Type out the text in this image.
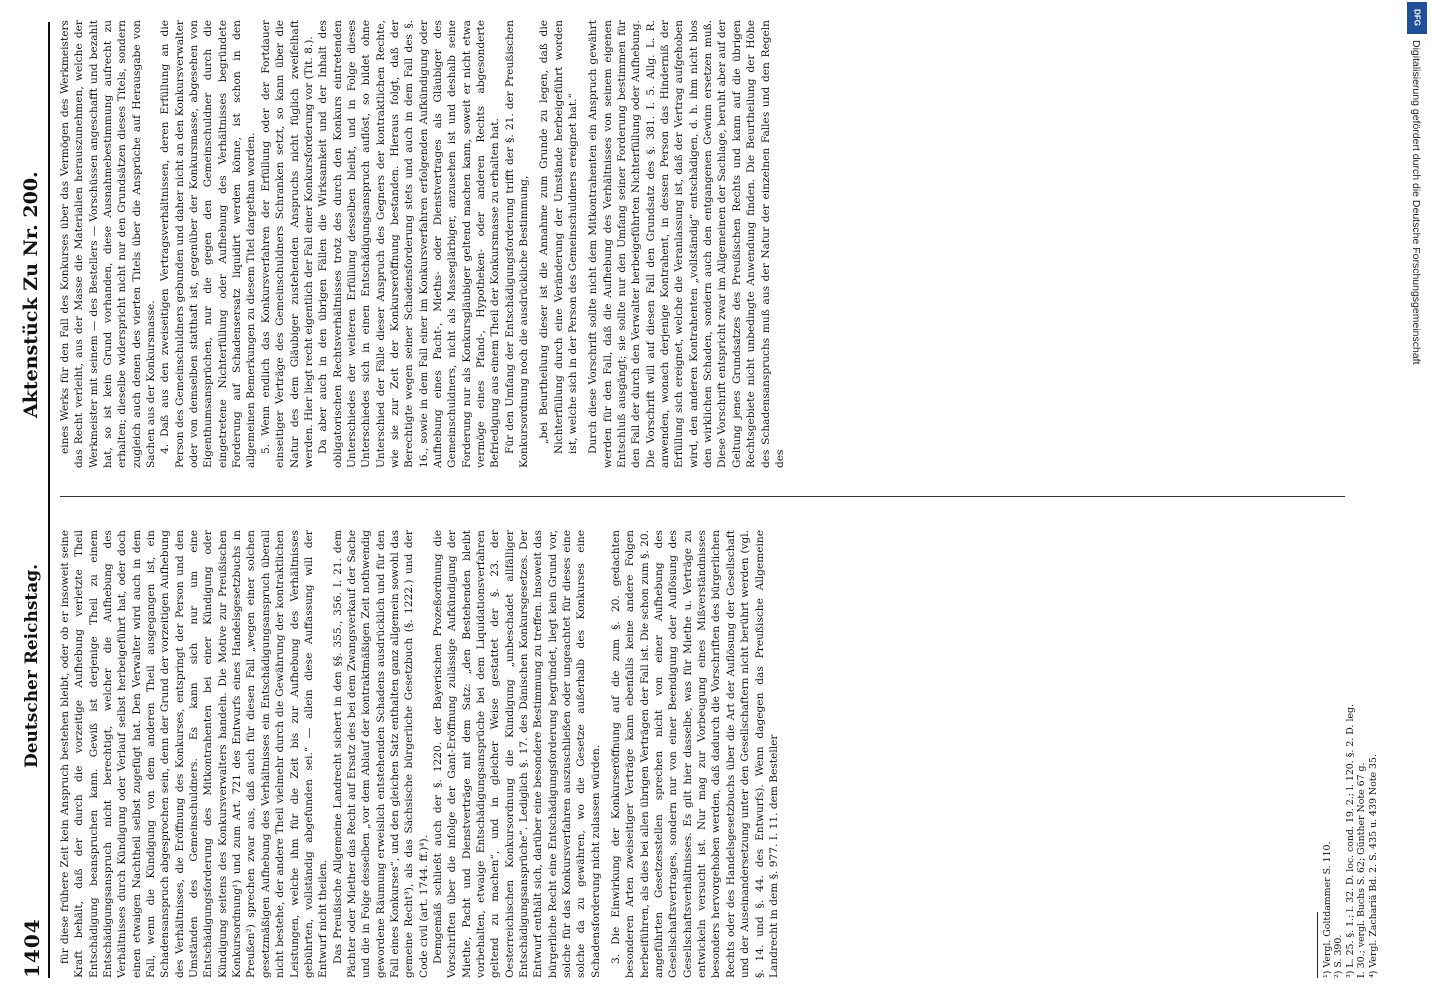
1404
Deutscher Reichstag.
Aktenstück Zu Nr. 200.

für diese frühere Zeit kein Anspruch bestehen bleibt, oder ob er insoweit seine Kraft behält, daß der durch die vorzeitige Aufhebung verletzte Theil Entschädigung beanspruchen kann. Gewiß ist derjenige Theil zu einem Entschädigungsanspruch nicht berechtigt, welcher die Aufhebung des Verhältnisses durch Kündigung oder Verlauf selbst herbeigeführt hat, oder doch einen etwaigen Nachtheil selbst zugefügt hat. Den Verwalter wird auch in dem Fall, wenn die Kündigung von dem anderen Theil ausgegangen ist, ein Schadensanspruch abgesprochen sein, denn der Grund der vorzeitigen Aufhebung des Verhältnisses, die Eröffnung des Konkurses, entspringt der Person und den Umständen des Gemeinschuldners. Es kann sich nur um eine Entschädigungsforderung des Mitkontrahenten bei einer Kündigung oder Kündigung seitens des Konkursverwalters handeln. Die Motive zur Preußischen Konkursordnung¹) und zum Art. 721 des Entwurfs eines Handelsgesetzbuchs in Preußen²) sprechen zwar aus, daß auch für diesen Fall „wegen einer solchen gesetzmäßigen Aufhebung des Verhältnisses ein Entschädigungsanspruch überall nicht bestehe, der andere Theil vielmehr durch die Gewährung der kontraktlichen Leistungen, welche ihm für die Zeit bis zur Aufhebung des Verhältnisses gebührten, vollständig abgefunden sei.“ — allein diese Auffassung will der Entwurf nicht theilen. Das Preußische Allgemeine Landrecht sichert in den §§. 355., 356. I. 21. dem Pächter oder Miether das Recht auf Ersatz des bei dem Zwangsverkauf der Sache und die in Folge desselben „vor dem Ablauf der kontraktmäßigen Zeit nothwendig gewordene Räumung erweislich entstehenden Schadens ausdrücklich und für den Fall eines Konkurses“, und den gleichen Satz enthalten ganz allgemein sowohl das gemeine Recht³), als das Sächsische bürgerliche Gesetzbuch (§. 1222.) und der Code civil (art. 1744. ff.)⁴). Demgemäß schließt auch der §. 1220. der Bayerischen Prozeßordnung die Vorschriften über die infolge der Gant-Eröffnung zulässige Aufkündigung der Miethe, Pacht und Dienstverträge mit dem Satz: „den Bestehenden bleibt vorbehalten, etwaige Entschädigungsansprüche bei dem Liquidationsverfahren geltend zu machen“, und in gleicher Weise gestattet der §. 23. der Oesterreichischen Konkursordnung die Kündigung „unbeschadet allfälliger Entschädigungsansprüche“. Lediglich §. 17. des Dänischen Konkursgesetzes. Der Entwurf enthält sich, darüber eine besondere Bestimmung zu treffen. Insoweit das bürgerliche Recht eine Entschädigungsforderung begründet, liegt kein Grund vor, solche für das Konkursverfahren auszuschließen oder ungeachtet für dieses eine solche da zu gewähren, wo die Gesetze außerhalb des Konkurses eine Schadensforderung nicht zulassen würden. 3. Die Einwirkung der Konkurseröffnung auf die zum §. 20. gedachten besonderen Arten zweiseitiger Verträge kann ebenfalls keine andere Folgen herbeiführen, als dies bei allen übrigen Verträgen der Fall ist. Die schon zum §. 20. angeführten Gesetzesstellen sprechen nicht von einer Aufhebung des Gesellschaftsvertrages, sondern nur von einer Beendigung oder Auflösung des Gesellschaftsverhältnisses. Es gilt hier dasselbe, was für Miethe u. Verträge zu entwickeln versucht ist. Nur mag zur Vorbeugung eines Mißverständnisses besonders hervorgehoben werden, daß dadurch die Vorschriften des bürgerlichen Rechts oder des Handelsgesetzbuchs über die Art der Auflösung der Gesellschaft und der Auseinandersetzung unter den Gesellschaftern nicht berührt werden (vgl. §. 14. und §. 44. des Entwurfs). Wenn dagegen das Preußische Allgemeine Landrecht in dem §. 977. I. 11. dem Besteller

eines Werks für den Fall des Konkurses über das Vermögen des Werkmeisters das Recht verleiht, aus der Masse die Materialien herauszunehmen, welche der Werkmeister mit seinem — des Bestellers — Vorschüssen angeschafft und bezahlt hat, so ist kein Grund vorhanden, diese Ausnahmebestimmung aufrecht zu erhalten; dieselbe widerspricht nicht nur den Grundsätzen dieses Titels, sondern zugleich auch denen des vierten Titels über die Ansprüche auf Herausgabe von Sachen aus der Konkursmasse. 4. Daß aus den zweiseitigen Vertragsverhältnissen, deren Erfüllung an die Person des Gemeinschuldners gebunden und daher nicht an den Konkursverwalter oder von demselben statthaft ist, gegenüber der Konkursmasse, abgesehen von Eigenthumsansprüchen, nur die gegen den Gemeinschuldner durch die eingetretene Nichterfüllung oder Aufhebung des Verhältnisses begründete Forderung auf Schadensersatz liquidirt werden könne, ist schon in den allgemeinen Bemerkungen zu diesem Titel dargethan worden. 5. Wenn endlich das Konkursverfahren der Erfüllung oder der Fortdauer einseitiger Verträge des Gemeinschuldners Schranken setzt, so kann über die Natur des dem Gläubiger zustehenden Anspruchs nicht füglich zweifelhaft werden. Hier liegt recht eigentlich der Fall einer Konkursforderung vor (Tit. 8.). Da aber auch in den übrigen Fällen die Wirksamkeit und der Inhalt des obligatorischen Rechtsverhältnisses trotz des durch den Konkurs eintretenden Unterschiedes der weiteren Erfüllung desselben bleibt, und in Folge dieses Unterschiedes sich in einen Entschädigungsanspruch auflöst, so bildet ohne Unterschied der Fälle dieser Anspruch des Gegners der kontraktlichen Rechte, wie sie zur Zeit der Konkurseröffnung bestanden. Hieraus folgt, daß der Berechtigte wegen seiner Schadensforderung stets und auch in dem Fall des §. 16., sowie in dem Fall einer im Konkursverfahren erfolgenden Aufkündigung oder Aufhebung eines Pacht-, Mieths- oder Dienstvertrages als Gläubiger des Gemeinschuldners, nicht als Masseglärbiger, anzusehen ist und deshalb seine Forderung nur als Konkursgläubiger geltend machen kann, soweit er nicht etwa vermöge eines Pfand-, Hypotheken- oder anderen Rechts abgesonderte Befriedigung aus einem Theil der Konkursmasse zu erhalten hat. Für den Umfang der Entschädigungsforderung trifft der §. 21. der Preußischen Konkursordnung noch die ausdrückliche Bestimmung, „bei Beurtheilung dieser ist die Annahme zum Grunde zu legen, daß die Nichterfüllung durch eine Veränderung der Umstände herbeigeführt worden ist, welche sich in der Person des Gemeinschuldners ereignet hat.“ Durch diese Vorschrift sollte nicht dem Mitkontrahenten ein Anspruch gewährt werden für den Fall, daß die Aufhebung des Verhältnisses von seinem eigenen Entschluß ausgängt; sie sollte nur den Umfang seiner Forderung bestimmen für den Fall der durch den Verwalter herbeigeführten Nichterfüllung oder Aufhebung. Die Vorschrift will auf diesen Fall den Grundsatz des §. 381. I. 5. Allg. L. R. anwenden, wonach derjenige Kontrahent, in dessen Person das Hinderniß der Erfüllung sich ereignet, welche die Veranlassung ist, daß der Vertrag aufgehoben wird, den anderen Kontrahenten „vollständig“ entschädigen, d. h. ihm nicht blos den wirklichen Schaden, sondern auch den entgangenen Gewinn ersetzen muß. Diese Vorschrift entspricht zwar im Allgemeinen der Sachlage, beruht aber auf der Geltung jenes Grundsatzes des Preußischen Rechts und kann auf die übrigen Rechtsgebiete nicht unbedingte Anwendung finden. Die Beurtheilung der Höhe des Schadensanspruchs muß aus der Natur der einzelnen Falles und den Regeln des

¹) Vergl. Goltdammer S. 110. ²) S. 390. ³) L. 25. §. 1.; l. 32. D. loc. cond. 19. 2.; l. 120. §. 2. D. leg. I. 30.; vergl. Buchs S. 62; Günther Note 67 g. ⁴) Vergl. Zachariä Bd. 2. S. 435 u. 439 Note 35.
DFG
Digitalisierung gefördert durch die Deutsche Forschungsgemeinschaft
